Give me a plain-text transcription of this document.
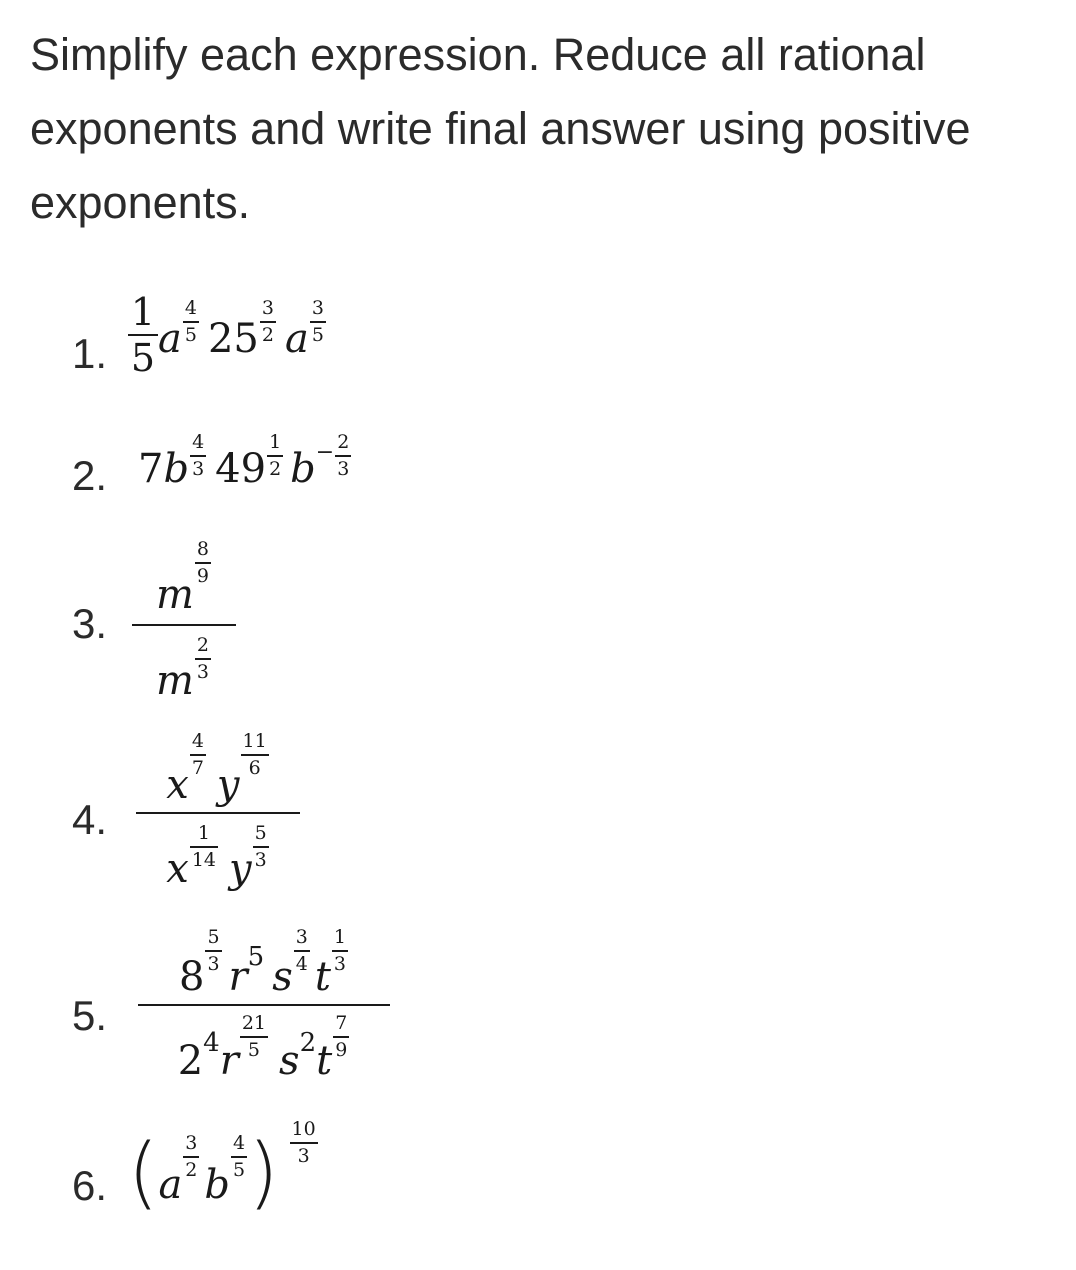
Simplify each expression. Reduce all rational exponents and write final answer using positive exponents.
1. $\frac{1}{5}$ a $\frac{4}{5} 25 \frac{3}{2}$ a $\frac{3}{5}$
2. 7 b $\frac{4}{3} 49 \frac{1}{2}$ $b - \frac{2}{3}$
3. m
$\frac{8}{9}$
m $\frac{2}{3}$
4. x
$\frac{4}{7}$
y
$\frac{11}{6}$
x $\frac{1}{14}$ y $\frac{5}{3}$
5. 8
$\frac{5}{3}$
r 5 s
$\frac{3}{4}$
t
$\frac{1}{3}$
2 4 r
$\frac{21}{5}$
s 2 t
$\frac{7}{9}$
6. ( a
$\frac{3}{2}$
b
$\frac{4}{5}$ ) $\frac{10}{3}$
